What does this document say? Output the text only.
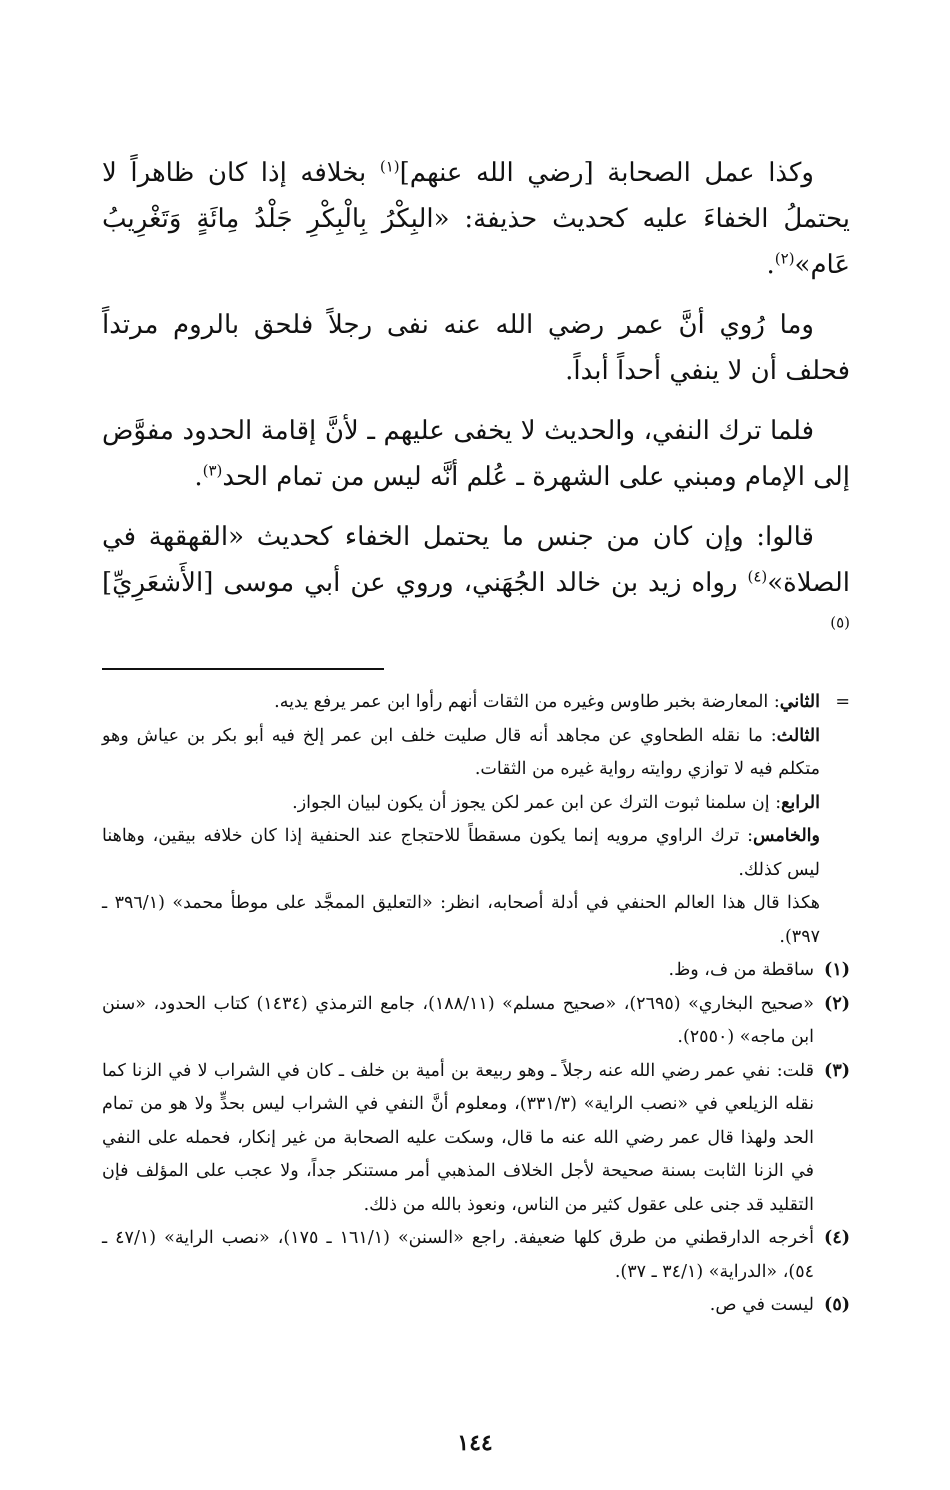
وكذا عمل الصحابة [رضي الله عنهم]$^{(١)}$ بخلافه إذا كان ظاهراً لا يحتملُ الخفاءَ عليه كحديث حذيفة: «البِكْرُ بِالْبِكْرِ جَلْدُ مِائَةٍ وَتَغْرِيبُ عَام»$^{(٢)}$.

وما رُوي أنَّ عمر رضي الله عنه نفى رجلاً فلحق بالروم مرتداً فحلف أن لا ينفي أحداً أبداً.

فلما ترك النفي، والحديث لا يخفى عليهم ـ لأنَّ إقامة الحدود مفوَّض إلى الإمام ومبني على الشهرة ـ عُلم أنَّه ليس من تمام الحد$^{(٣)}$.

قالوا: وإن كان من جنس ما يحتمل الخفاء كحديث «القهقهة في الصلاة»$^{(٤)}$ رواه زيد بن خالد الجُهَني، وروي عن أبي موسى [الأَشعَرِيِّ]$^{(٥)}$

=

الثاني: المعارضة بخبر طاوس وغيره من الثقات أنهم رأوا ابن عمر يرفع يديه.

الثالث: ما نقله الطحاوي عن مجاهد أنه قال صليت خلف ابن عمر إلخ فيه أبو بكر بن عياش وهو متكلم فيه لا توازي روايته رواية غيره من الثقات.

الرابع: إن سلمنا ثبوت الترك عن ابن عمر لكن يجوز أن يكون لبيان الجواز.

والخامس: ترك الراوي مرويه إنما يكون مسقطاً للاحتجاج عند الحنفية إذا كان خلافه بيقين، وهاهنا ليس كذلك.

هكذا قال هذا العالم الحنفي في أدلة أصحابه، انظر: «التعليق الممجَّد على موطأ محمد» (٣٩٦/١ ـ ٣٩٧).

(١)
ساقطة من ف، وظ.
(٢)
«صحيح البخاري» (٢٦٩٥)، «صحيح مسلم» (١٨٨/١١)، جامع الترمذي (١٤٣٤) كتاب الحدود، «سنن ابن ماجه» (٢٥٥٠).
(٣)
قلت: نفي عمر رضي الله عنه رجلاً ـ وهو ربيعة بن أمية بن خلف ـ كان في الشراب لا في الزنا كما نقله الزيلعي في «نصب الراية» (٣٣١/٣)، ومعلوم أنَّ النفي في الشراب ليس بحدٍّ ولا هو من تمام الحد ولهذا قال عمر رضي الله عنه ما قال، وسكت عليه الصحابة من غير إنكار، فحمله على النفي في الزنا الثابت بسنة صحيحة لأجل الخلاف المذهبي أمر مستنكر جداً، ولا عجب على المؤلف فإن التقليد قد جنى على عقول كثير من الناس، ونعوذ بالله من ذلك.
(٤)
أخرجه الدارقطني من طرق كلها ضعيفة. راجع «السنن» (١٦١/١ ـ ١٧٥)، «نصب الراية» (٤٧/١ ـ ٥٤)، «الدراية» (٣٤/١ ـ ٣٧).
(٥)
ليست في ص.
١٤٤
